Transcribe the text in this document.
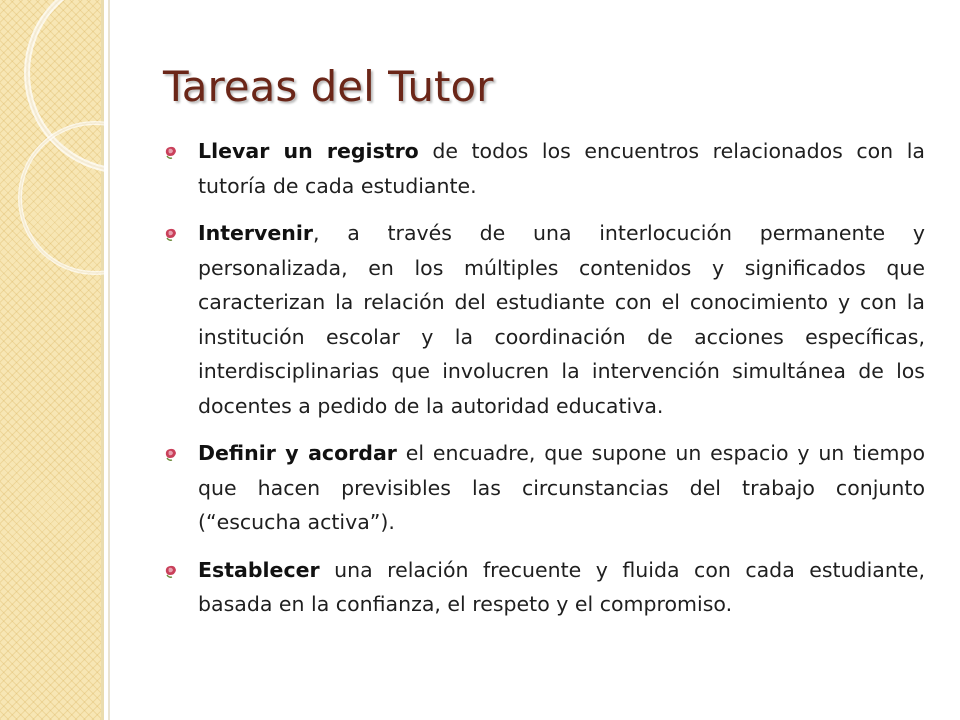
Tareas del Tutor
Llevar un registro de todos los encuentros relacionados con la tutoría de cada estudiante.
Intervenir, a través de una interlocución permanente y personalizada, en los múltiples contenidos y significados que caracterizan la relación del estudiante con el conocimiento y con la institución escolar y la coordinación de acciones específicas, interdisciplinarias que involucren la intervención simultánea de los docentes a pedido de la autoridad educativa.
Definir y acordar el encuadre, que supone un espacio y un tiempo que hacen previsibles las circunstancias del trabajo conjunto (“escucha activa”).
Establecer una relación frecuente y fluida con cada estudiante, basada en la confianza, el respeto y el compromiso.
